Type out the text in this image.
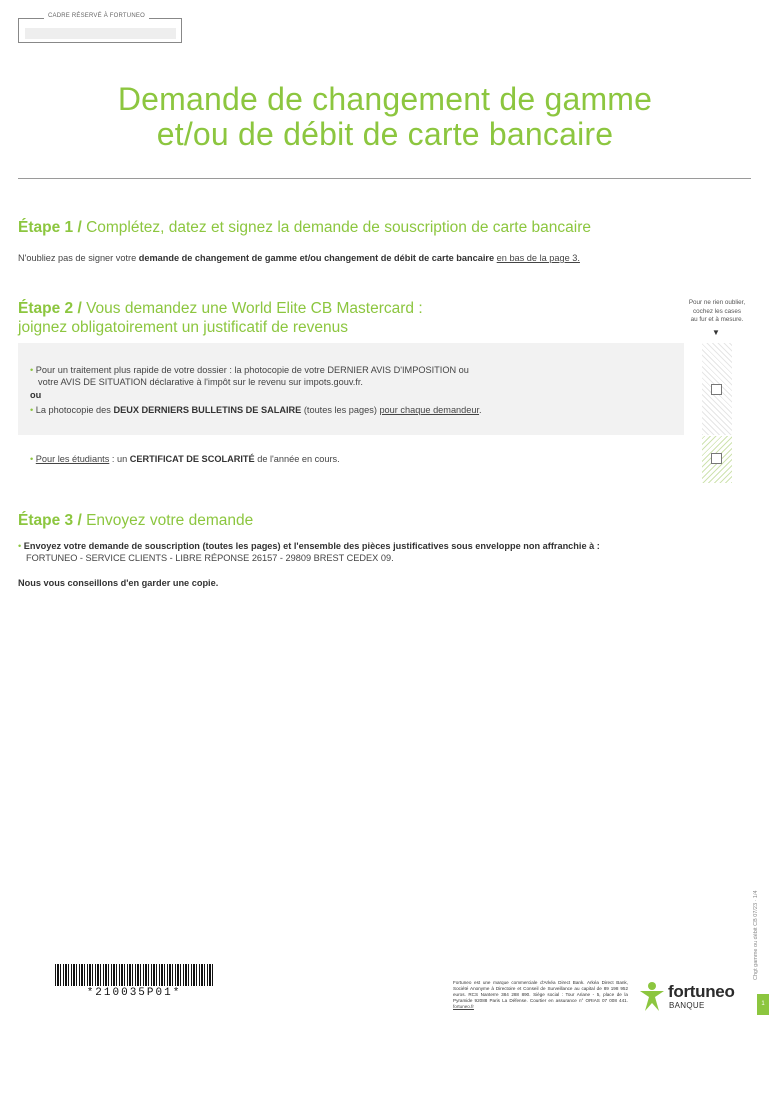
CADRE RÉSERVÉ À FORTUNEO
Demande de changement de gamme
et/ou de débit de carte bancaire
Étape 1 / Complétez, datez et signez la demande de souscription de carte bancaire
N'oubliez pas de signer votre demande de changement de gamme et/ou changement de débit de carte bancaire en bas de la page 3.
Étape 2 / Vous demandez une World Elite CB Mastercard :
joignez obligatoirement un justificatif de revenus
Pour ne rien oublier,
cochez les cases
au fur et à mesure.
▼
• Pour un traitement plus rapide de votre dossier : la photocopie de votre DERNIER AVIS D'IMPOSITION ou
votre AVIS DE SITUATION déclarative à l'impôt sur le revenu sur impots.gouv.fr.
ou
• La photocopie des DEUX DERNIERS BULLETINS DE SALAIRE (toutes les pages) pour chaque demandeur.
• Pour les étudiants : un CERTIFICAT DE SCOLARITÉ de l'année en cours.
Étape 3 / Envoyez votre demande
• Envoyez votre demande de souscription (toutes les pages) et l'ensemble des pièces justificatives sous enveloppe non affranchie à :
FORTUNEO - SERVICE CLIENTS - LIBRE RÉPONSE 26157 - 29809 BREST CEDEX 09.
Nous vous conseillons d'en garder une copie.
*210035P01*
Fortuneo est une marque commerciale d'Arkéa Direct Bank. Arkéa Direct Bank, Société Anonyme à Directoire et Conseil de Surveillance au capital de 89 198 952 euros. RCS Nanterre 384 288 890. Siège social : Tour Ariane - 5, place de la Pyramide 92088 Paris La Défense. Courtier en assurance n° ORIAS 07 008 441. fortuneo.fr
fortuneo
BANQUE
Chgt gamme ou débit CB 07/23 · 1/4
1
